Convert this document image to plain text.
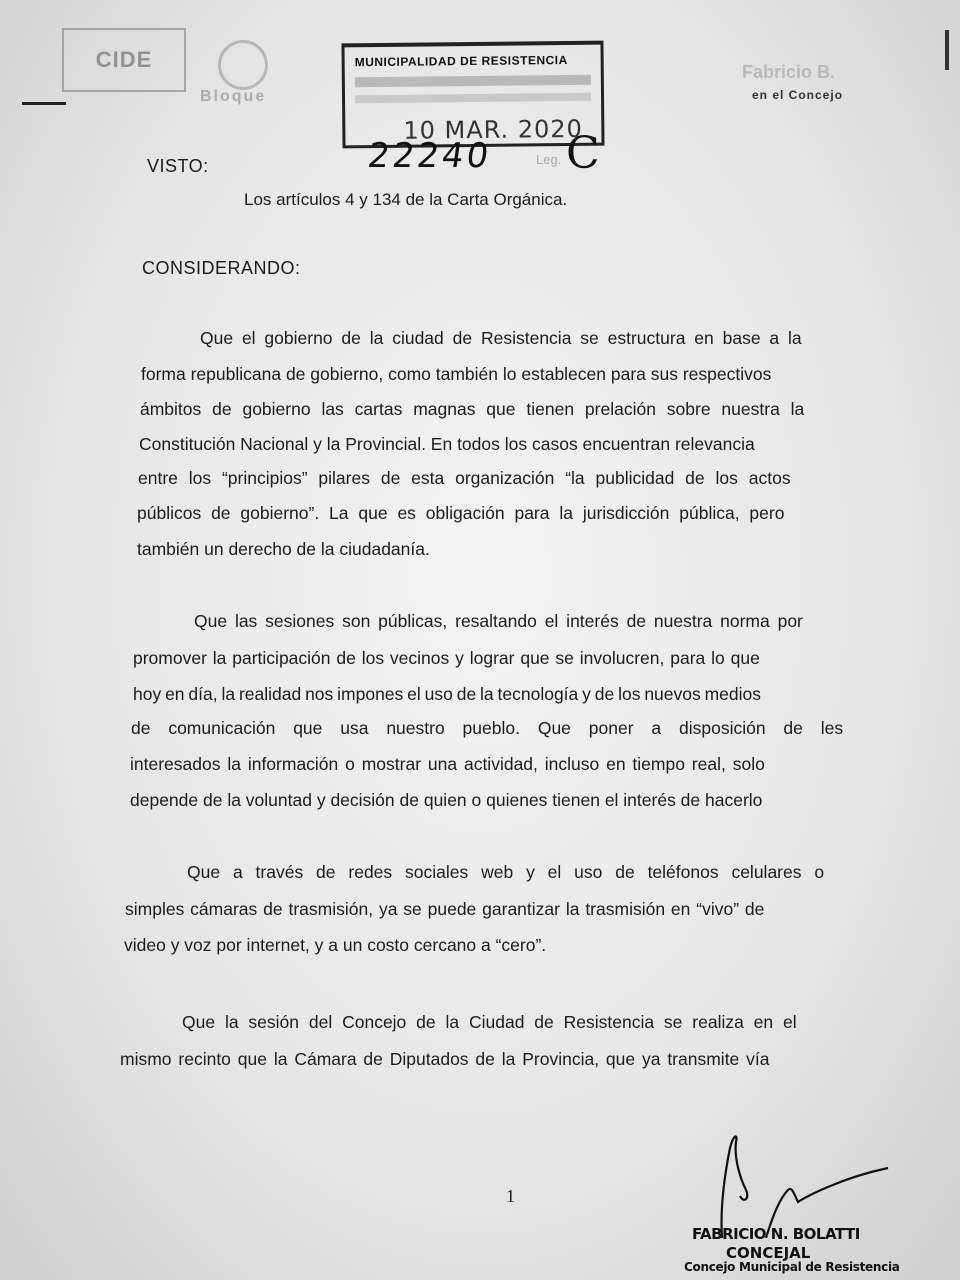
CIDE
Bloque
Fabricio B.
en el Concejo
MUNICIPALIDAD DE RESISTENCIA
10 MAR. 2020
22240	Leg. C
VISTO:
Los artículos 4 y 134 de la Carta Orgánica.
CONSIDERANDO:
Que el gobierno de la ciudad de Resistencia se estructura en base a la
forma republicana de gobierno, como también lo establecen para sus respectivos
ámbitos de gobierno las cartas magnas que tienen prelación sobre nuestra la
Constitución Nacional y la Provincial. En todos los casos encuentran relevancia
entre los “principios” pilares de esta organización “la publicidad de los actos
públicos de gobierno”. La que es obligación para la jurisdicción pública, pero
también un derecho de la ciudadanía.
Que las sesiones son públicas, resaltando el interés de nuestra norma por
promover la participación de los vecinos y lograr que se involucren, para lo que
hoy en día, la realidad nos impones el uso de la tecnología y de los nuevos medios
de comunicación que usa nuestro pueblo. Que poner a disposición de les
interesados la información o mostrar una actividad, incluso en tiempo real, solo
depende de la voluntad y decisión de quien o quienes tienen el interés de hacerlo
Que a través de redes sociales web y el uso de teléfonos celulares o
simples cámaras de trasmisión, ya se puede garantizar la trasmisión en “vivo” de
video y voz por internet, y a un costo cercano a “cero”.
Que la sesión del Concejo de la Ciudad de Resistencia se realiza en el
mismo recinto que la Cámara de Diputados de la Provincia, que ya transmite vía
1
FABRICIO N. BOLATTI
CONCEJAL
Concejo Municipal de Resistencia
